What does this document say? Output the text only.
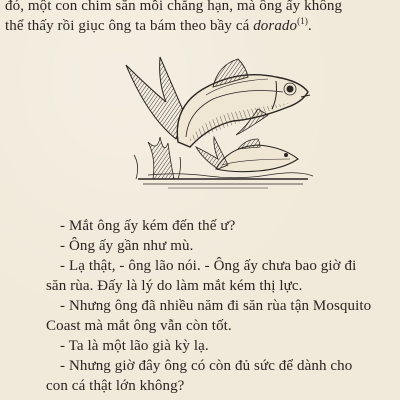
đó, một con chim săn mồi chẳng hạn, mà ông ấy không
thể thấy rồi giục ông ta bám theo bầy cá dorado$^{(1)}$.
- Mắt ông ấy kém đến thế ư?
- Ông ấy gần như mù.
- Lạ thật, - ông lão nói. - Ông ấy chưa bao giờ đi
săn rùa. Đấy là lý do làm mắt kém thị lực.
- Nhưng ông đã nhiều năm đi săn rùa tận Mosquito
Coast mà mắt ông vẫn còn tốt.
- Ta là một lão già kỳ lạ.
- Nhưng giờ đây ông có còn đủ sức để dành cho
con cá thật lớn không?
